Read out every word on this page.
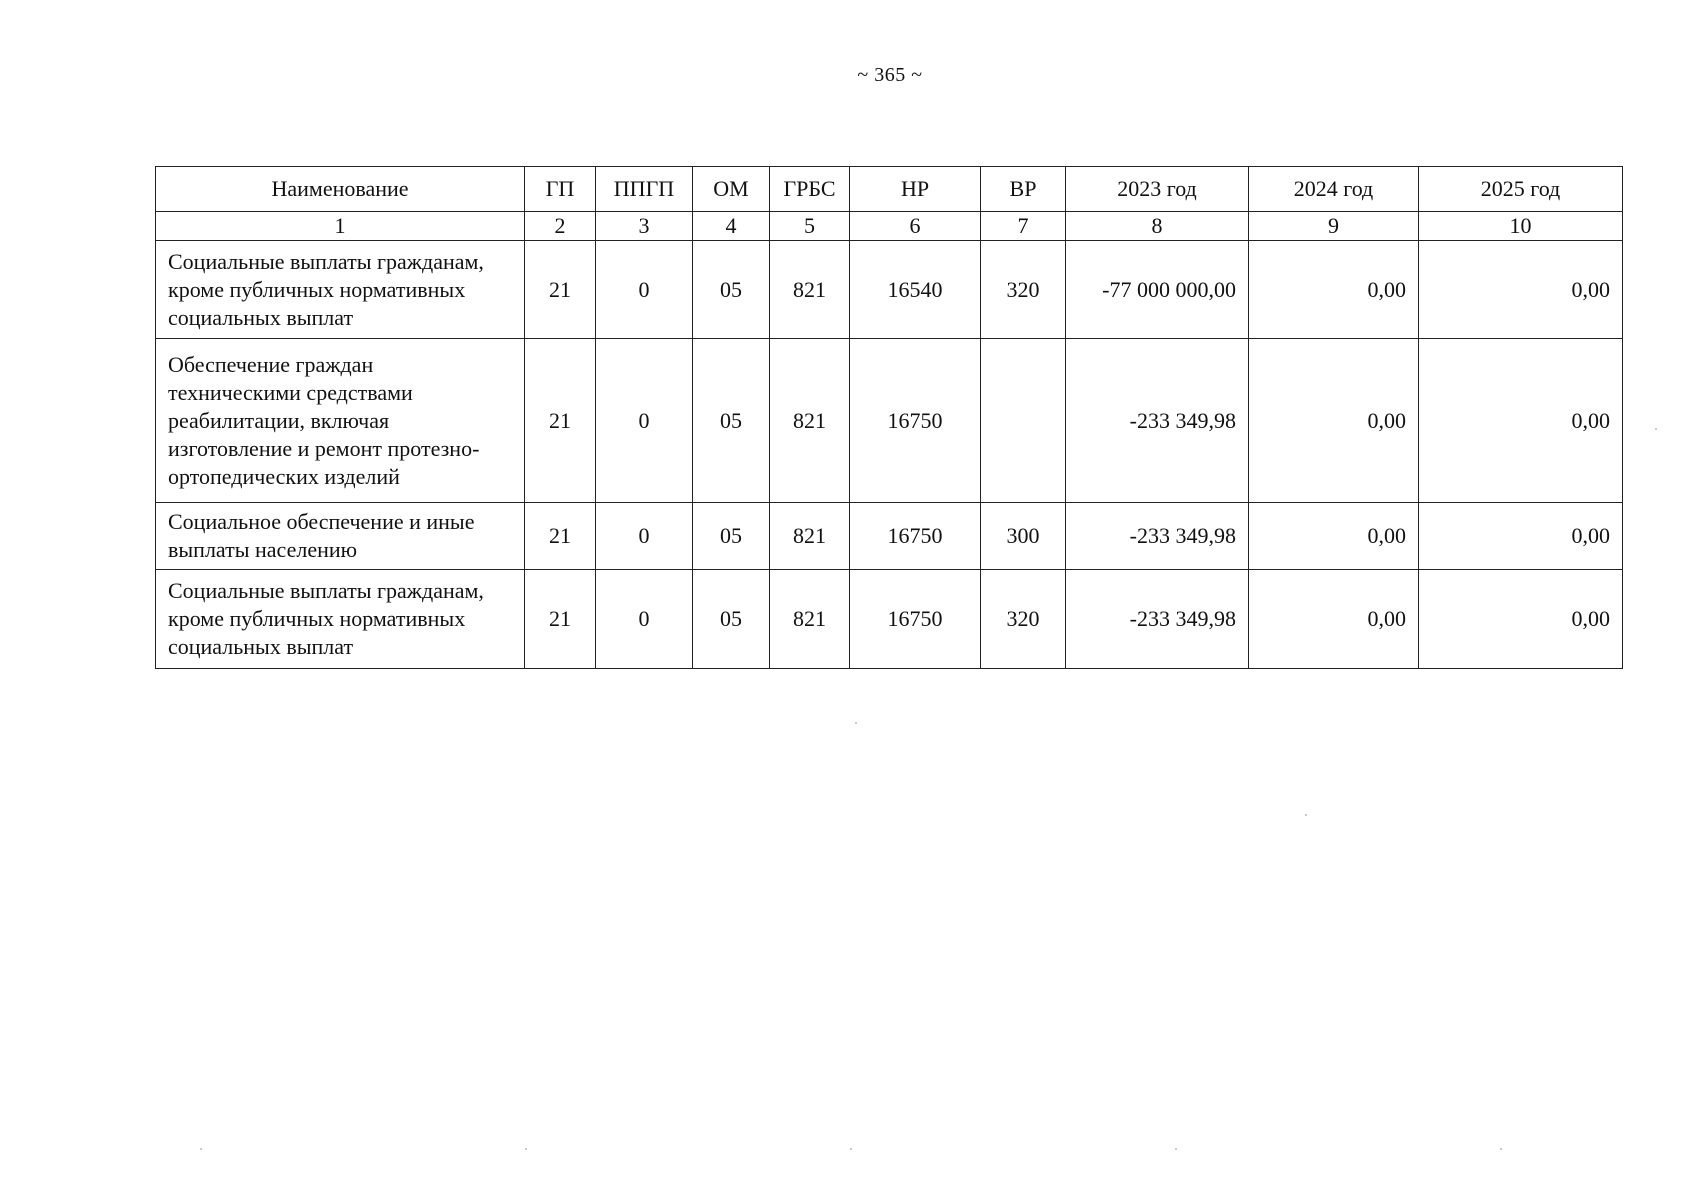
~ 365 ~
Наименование	ГП	ППГП	ОМ	ГРБС	НР	ВР	2023 год	2024 год	2025 год
1	2	3	4	5	6	7	8	9	10

Социальные выплаты гражданам,
кроме публичных нормативных
социальных выплат	21	0	05	821	16540	320	-77 000 000,00	0,00	0,00

Обеспечение граждан
техническими средствами
реабилитации, включая
изготовление и ремонт протезно-
ортопедических изделий	21	0	05	821	16750		-233 349,98	0,00	0,00

Социальное обеспечение и иные
выплаты населению	21	0	05	821	16750	300	-233 349,98	0,00	0,00

Социальные выплаты гражданам,
кроме публичных нормативных
социальных выплат	21	0	05	821	16750	320	-233 349,98	0,00	0,00
